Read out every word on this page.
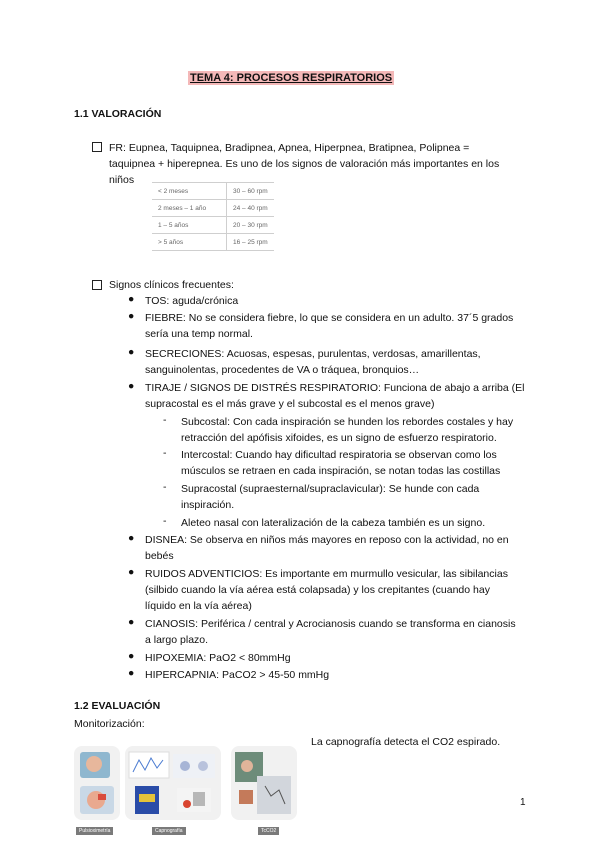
TEMA 4: PROCESOS RESPIRATORIOS
1.1 VALORACIÓN
FR: Eupnea, Taquipnea, Bradipnea, Apnea, Hiperpnea, Bratipnea, Polipnea =
taquipnea + hiperepnea. Es uno de los signos de valoración más importantes en los
niños
< 2 meses	30 – 60 rpm
2 meses – 1 año	24 – 40 rpm
1 – 5 años	20 – 30 rpm
> 5 años	16 – 25 rpm
Signos clínicos frecuentes:
● TOS: aguda/crónica
● FIEBRE: No se considera fiebre, lo que se considera en un adulto. 37´5 grados
sería una temp normal.
● SECRECIONES: Acuosas, espesas, purulentas, verdosas, amarillentas,
sanguinolentas, procedentes de VA o tráquea, bronquios…
● TIRAJE / SIGNOS DE DISTRÉS RESPIRATORIO: Funciona de abajo a arriba (El
supracostal es el más grave y el subcostal es el menos grave)
- Subcostal: Con cada inspiración se hunden los rebordes costales y hay
retracción del apófisis xifoides, es un signo de esfuerzo respiratorio.
- Intercostal: Cuando hay dificultad respiratoria se observan como los
músculos se retraen en cada inspiración, se notan todas las costillas
- Supracostal (supraesternal/supraclavicular): Se hunde con cada
inspiración.
- Aleteo nasal con lateralización de la cabeza también es un signo.
● DISNEA: Se observa en niños más mayores en reposo con la actividad, no en
bebés
● RUIDOS ADVENTICIOS: Es importante em murmullo vesicular, las sibilancias
(silbido cuando la vía aérea está colapsada) y los crepitantes (cuando hay
líquido en la vía aérea)
● CIANOSIS: Periférica / central y Acrocianosis cuando se transforma en cianosis
a largo plazo.
● HIPOXEMIA: PaO2 < 80mmHg
● HIPERCAPNIA: PaCO2 > 45-50 mmHg
1.2 EVALUACIÓN
Monitorización:
La capnografía detecta el CO2 espirado.
Pulsioximetría	Capnografía	TcCO2
1
